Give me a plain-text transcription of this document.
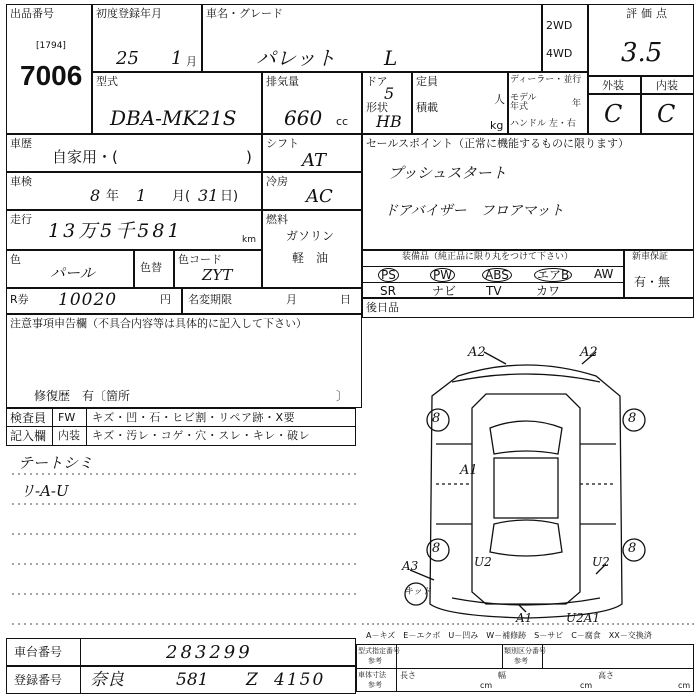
出品番号
[1794]
7006
初度登録年月
25 1 月
車名・グレード
パレット L
2WD
4WD
評価点
3.5
型式
DBA-MK21S
排気量
660 cc
ドア
5
形状
HB
定員
人
積載
kg
ディーラー・並行
モデル年式	年
ハンドル 左・右
外装	内装
C C
車歴
自家用・(	)
シフト
AT
セールスポイント（正常に機能するものに限ります）
プッシュスタート
ドアバイザー　フロアマット
車検
8 年 1 月( 31 日)
冷房
AC
走行
13万5千581	km
燃料
ガソリン
軽　油
色
パール	色替
色コード
ZYT
装備品（純正品に限り丸をつけて下さい）
PS	PW	ABS エアB AW
SR	ナビ TV	カワ
新車保証
有・無
R券 10020	円 名変期限	月	日
後日品
注意事項申告欄（不具合内容等は具体的に記入して下さい）
修復歴　有〔箇所	〕
検査員
記入欄
FW キズ・凹・石・ヒビ割・リペア跡・X要
内装 キズ・汚レ・コゲ・穴・スレ・キレ・破レ
テートシミ
リ-A-U
A2	A2
8	8
A1
8	8
A3	U2	U2
キッド
A1	U2A1
A－キズ　E－エクボ　U－凹み　W－補修跡　S－サビ　C－腐食　XX－交換済
型式指定番号
参考
類別区分番号
参考
車体寸法
参考
長さ
cm
幅
cm
高さ
cm
車台番号	283299
登録番号 奈良	581 Z 4150
